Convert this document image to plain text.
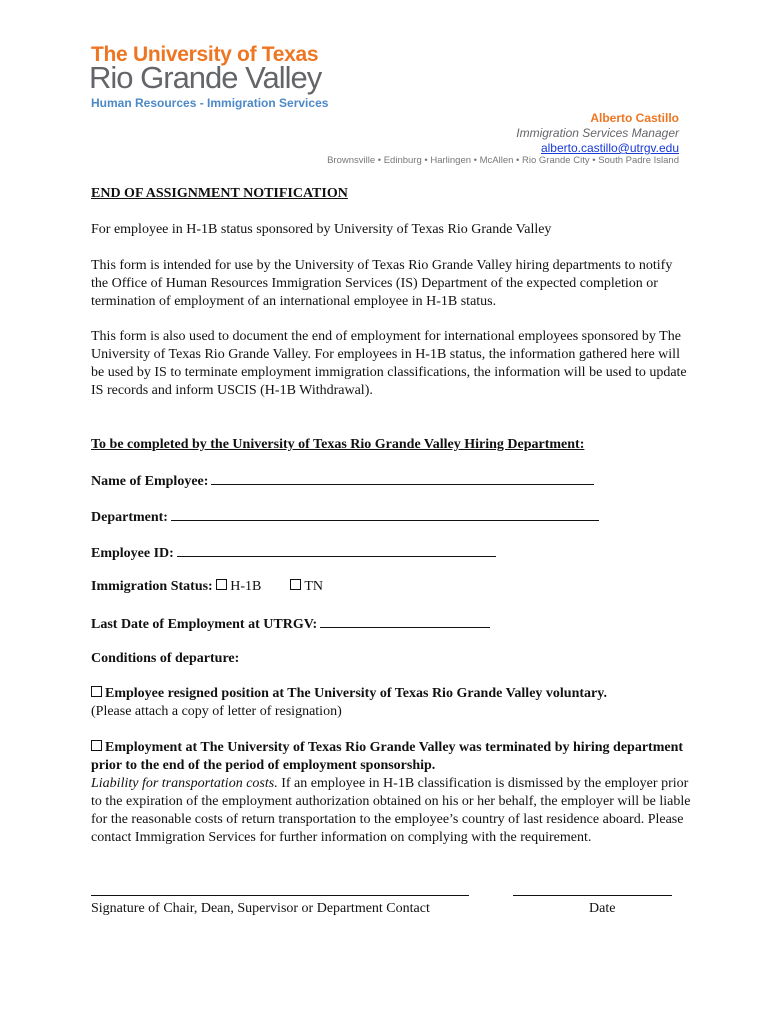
The University of Texas
Rio Grande Valley
Human Resources - Immigration Services
Alberto Castillo
Immigration Services Manager
alberto.castillo@utrgv.edu
Brownsville • Edinburg • Harlingen • McAllen • Rio Grande City • South Padre Island
END OF ASSIGNMENT NOTIFICATION
For employee in H-1B status sponsored by University of Texas Rio Grande Valley
This form is intended for use by the University of Texas Rio Grande Valley hiring departments to notify the Office of Human Resources Immigration Services (IS) Department of the expected completion or termination of employment of an international employee in H-1B status.
This form is also used to document the end of employment for international employees sponsored by The University of Texas Rio Grande Valley. For employees in H-1B status, the information gathered here will be used by IS to terminate employment immigration classifications, the information will be used to update IS records and inform USCIS (H-1B Withdrawal).
To be completed by the University of Texas Rio Grande Valley Hiring Department:
Name of Employee:
Department:
Employee ID:
Immigration Status: H-1B	TN
Last Date of Employment at UTRGV:
Conditions of departure:
Employee resigned position at The University of Texas Rio Grande Valley voluntary.
(Please attach a copy of letter of resignation)
Employment at The University of Texas Rio Grande Valley was terminated by hiring department prior to the end of the period of employment sponsorship.
Liability for transportation costs. If an employee in H-1B classification is dismissed by the employer prior to the expiration of the employment authorization obtained on his or her behalf, the employer will be liable for the reasonable costs of return transportation to the employee’s country of last residence aboard. Please contact Immigration Services for further information on complying with the requirement.
Signature of Chair, Dean, Supervisor or Department Contact	Date
